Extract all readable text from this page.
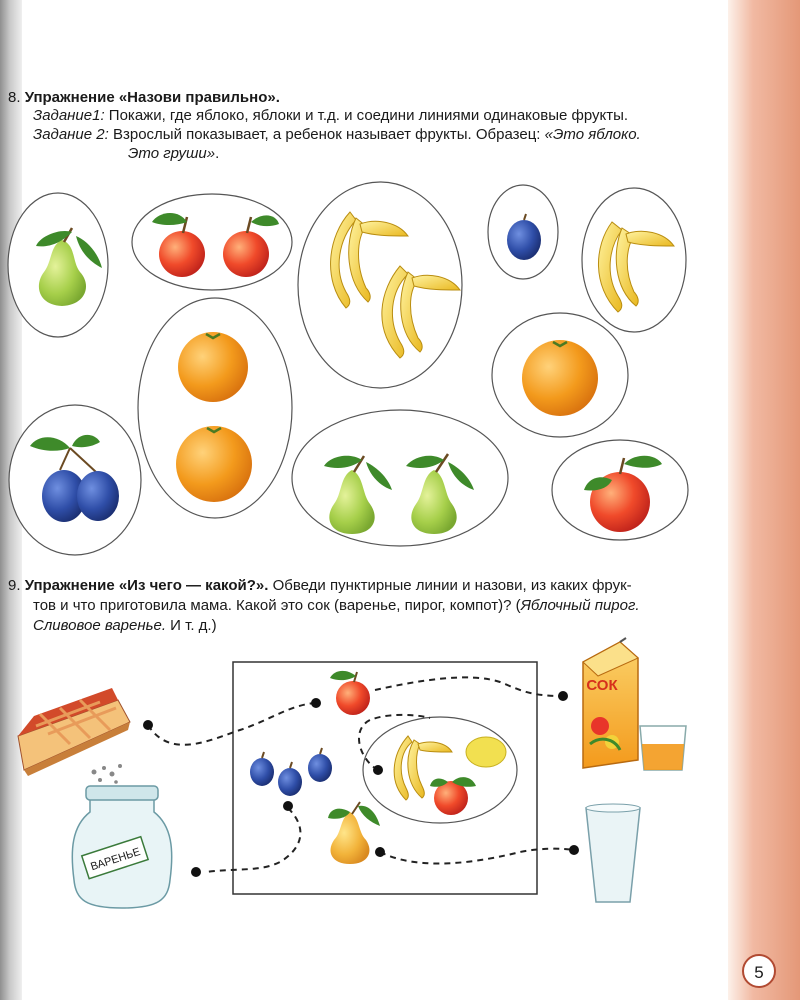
8. Упражнение «Назови правильно».
Задание1: Покажи, где яблоко, яблоки и т.д. и соедини линиями одинаковые фрукты.
Задание 2: Взрослый показывает, а ребенок называет фрукты. Образец: «Это яблоко.
Это груши».
9. Упражнение «Из чего — какой?». Обведи пунктирные линии и назови, из каких фрук-
тов и что приготовила мама. Какой это сок (варенье, пирог, компот)? (Яблочный пирог.
Сливовое варенье. И т. д.)
ВАРЕНЬЕ
СОК
5
